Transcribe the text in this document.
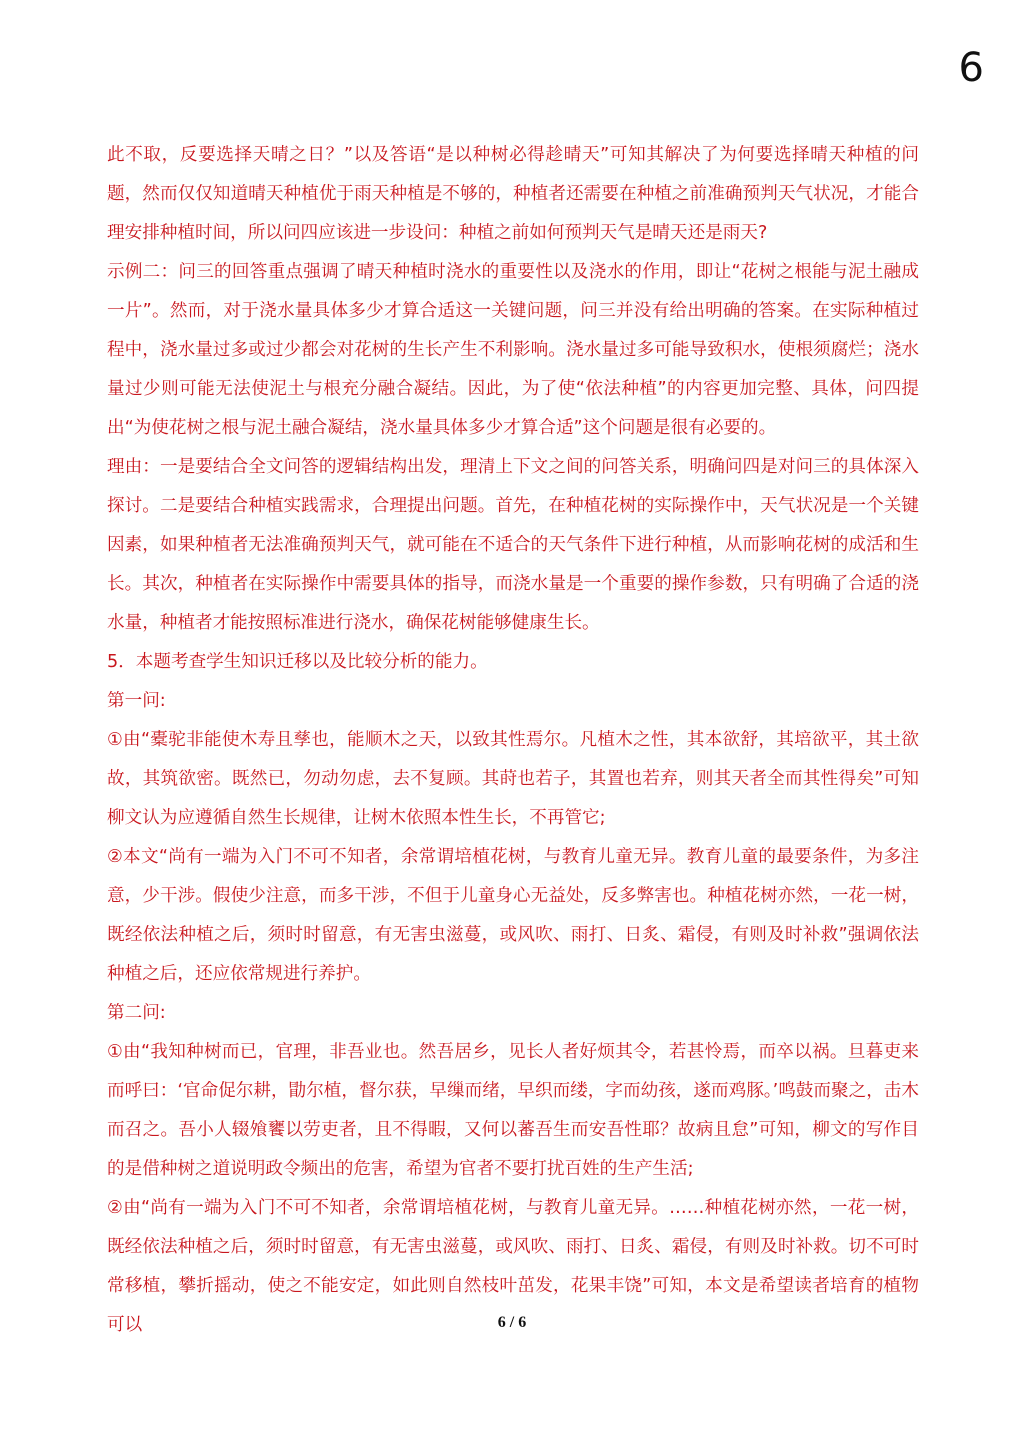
6

此不取，反要选择天晴之日？”以及答语“是以种树必得趁晴天”可知其解决了为何要选择晴天种植的问题，然而仅仅知道晴天种植优于雨天种植是不够的，种植者还需要在种植之前准确预判天气状况，才能合理安排种植时间，所以问四应该进一步设问：种植之前如何预判天气是晴天还是雨天?

示例二：问三的回答重点强调了晴天种植时浇水的重要性以及浇水的作用，即让“花树之根能与泥土融成一片”。然而，对于浇水量具体多少才算合适这一关键问题，问三并没有给出明确的答案。在实际种植过程中，浇水量过多或过少都会对花树的生长产生不利影响。浇水量过多可能导致积水，使根须腐烂；浇水量过少则可能无法使泥土与根充分融合凝结。因此，为了使“依法种植”的内容更加完整、具体，问四提出“为使花树之根与泥土融合凝结，浇水量具体多少才算合适”这个问题是很有必要的。

理由：一是要结合全文问答的逻辑结构出发，理清上下文之间的问答关系，明确问四是对问三的具体深入探讨。二是要结合种植实践需求，合理提出问题。首先，在种植花树的实际操作中，天气状况是一个关键因素，如果种植者无法准确预判天气，就可能在不适合的天气条件下进行种植，从而影响花树的成活和生长。其次，种植者在实际操作中需要具体的指导，而浇水量是一个重要的操作参数，只有明确了合适的浇水量，种植者才能按照标准进行浇水，确保花树能够健康生长。

5．本题考查学生知识迁移以及比较分析的能力。

第一问:

①由“橐驼非能使木寿且孳也，能顺木之天，以致其性焉尔。凡植木之性，其本欲舒，其培欲平，其土欲故，其筑欲密。既然已，勿动勿虑，去不复顾。其莳也若子，其置也若弃，则其天者全而其性得矣”可知柳文认为应遵循自然生长规律，让树木依照本性生长，不再管它;

②本文“尚有一端为入门不可不知者，余常谓培植花树，与教育儿童无异。教育儿童的最要条件，为多注意，少干涉。假使少注意，而多干涉，不但于儿童身心无益处，反多弊害也。种植花树亦然，一花一树，既经依法种植之后，须时时留意，有无害虫滋蔓，或风吹、雨打、日炙、霜侵，有则及时补救”强调依法种植之后，还应依常规进行养护。

第二问:

①由“我知种树而已，官理，非吾业也。然吾居乡，见长人者好烦其令，若甚怜焉，而卒以祸。旦暮吏来而呼曰：‘官命促尔耕，勖尔植，督尔获，早缫而绪，早织而缕，字而幼孩，遂而鸡豚。’鸣鼓而聚之，击木而召之。吾小人辍飧饔以劳吏者，且不得暇，又何以蕃吾生而安吾性耶？故病且怠”可知，柳文的写作目的是借种树之道说明政令频出的危害，希望为官者不要打扰百姓的生产生活;

②由“尚有一端为入门不可不知者，余常谓培植花树，与教育儿童无异。……种植花树亦然，一花一树，既经依法种植之后，须时时留意，有无害虫滋蔓，或风吹、雨打、日炙、霜侵，有则及时补救。切不可时常移植，攀折摇动，使之不能安定，如此则自然枝叶茁发，花果丰饶”可知，本文是希望读者培育的植物可以	6 / 6
